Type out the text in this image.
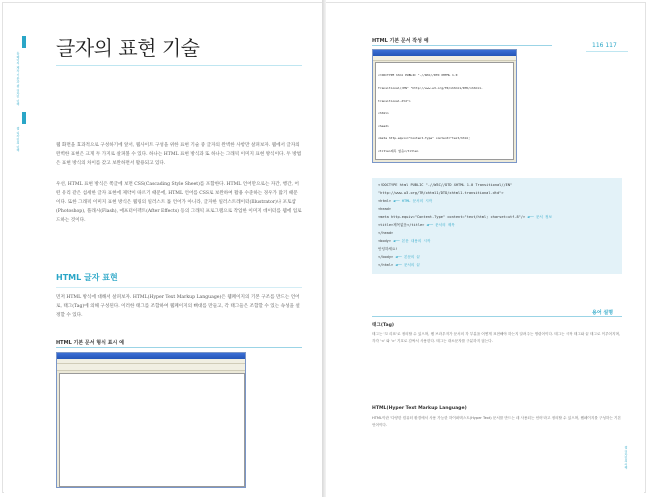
홈페이지 제작 기본과 웹 디자인 이해
웹 디자인의 이해
글자의 표현 기술
웹 화면을 효과적으로 구성하기에 앞서, 웹사이트 구성을 위한 표현 기술 중 글자의 완벽한 사항만 살펴보자. 웹에서 글자의 완벽한 표현은 크게 두 가지로 살펴볼 수 있다. 하나는 HTML 표현 방식과 또 하나는 그래픽 이미지 표현 방식이다. 두 방법은 표현 방식의 차이를 갖고 보완하면서 활용되고 있다.
우선, HTML 표현 방식은 쪽글에 보면 CSS(Cascading Style Sheet)를 포함한다. HTML 언어만으로는 자간, 행간, 어떤 유리 같은 섬세한 글자 표현에 제약이 따르기 때문에, HTML 언어를 CSS로 보완하여 활용 수준하는 경우가 많기 때문이다. 또한 그래픽 이미지 표현 방식은 웹링의 일러스트 툴 언어가 아니라, 글자한 일러스트레이터(Illustrator)나 포토샵(Photoshop), 플래시(Flash), 애프터이펙트(After Effects) 등의 그래픽 프로그램으로 작업한 이미지 데이터를 웹에 업로드하는 것이다.
HTML 글자 표현
먼저 HTML 방식에 대해서 살펴보자. HTML(Hyper Text Markup Language)은 웹페이지의 기본 구조를 만드는 언어로, 태그(Tag)에 의해 구성된다. 이러한 태그를 조합하여 웹페이지의 뼈대를 만들고, 각 태그들은 조합할 수 있는 속성을 설정할 수 있다.
HTML 기본 문서 형식 표시 예
116 117
HTML 기본 문서 작성 예

<!DOCTYPE html PUBLIC "-//W3C//DTD XHTML 1.0

Transitional//EN" "http://www.w3.org/TR/xhtml1/DTD/xhtml1-

transitional.dtd">

<html>

<head>

<meta http-equiv="Content-Type" content="text/html;

<title>제목 없음</title>

<!DOCTYPE html PUBLIC "-//W3C//DTD XHTML 1.0 Transitional//EN"
"http://www.w3.org/TR/xhtml1/DTD/xhtml1-transitional.dtd">
<html> ◀── HTML 문서의 시작
<head>
<meta http-equiv="Content-Type" content="text/html; charset=utf-8"/> ◀── 문서 정보
<title>제목없음</title> ◀── 문서의 제목
</head>
<body> ◀── 본문 내용의 시작
안녕하세요!
</body> ◀── 본문의 끝
</html> ◀── 문서의 끝
용어 설명
태그(Tag)
태그는 '꼬 리표'로 정의할 수 있으며, 웹 브라우저가 문서의 각 부분을 어떻게 표현해야 하는지 알려주는 명령어이다. 태그는 시작 태그와 끝 태그로 이루어지며, 각각 '<' 와 '>' 기호로 감싸서 사용한다. 태그는 대소문자를 구분하지 않는다.
HTML(Hyper Text Markup Language)
HTML이란 '다양한 컴퓨터 환경에서 사용 가능한 하이퍼텍스트(Hyper Text) 문서를 만드는 데 사용되는 언어'라고 정의할 수 있으며, 웹페이지를 구성하는 기본 언어이다.
웹 디자인의 이해
